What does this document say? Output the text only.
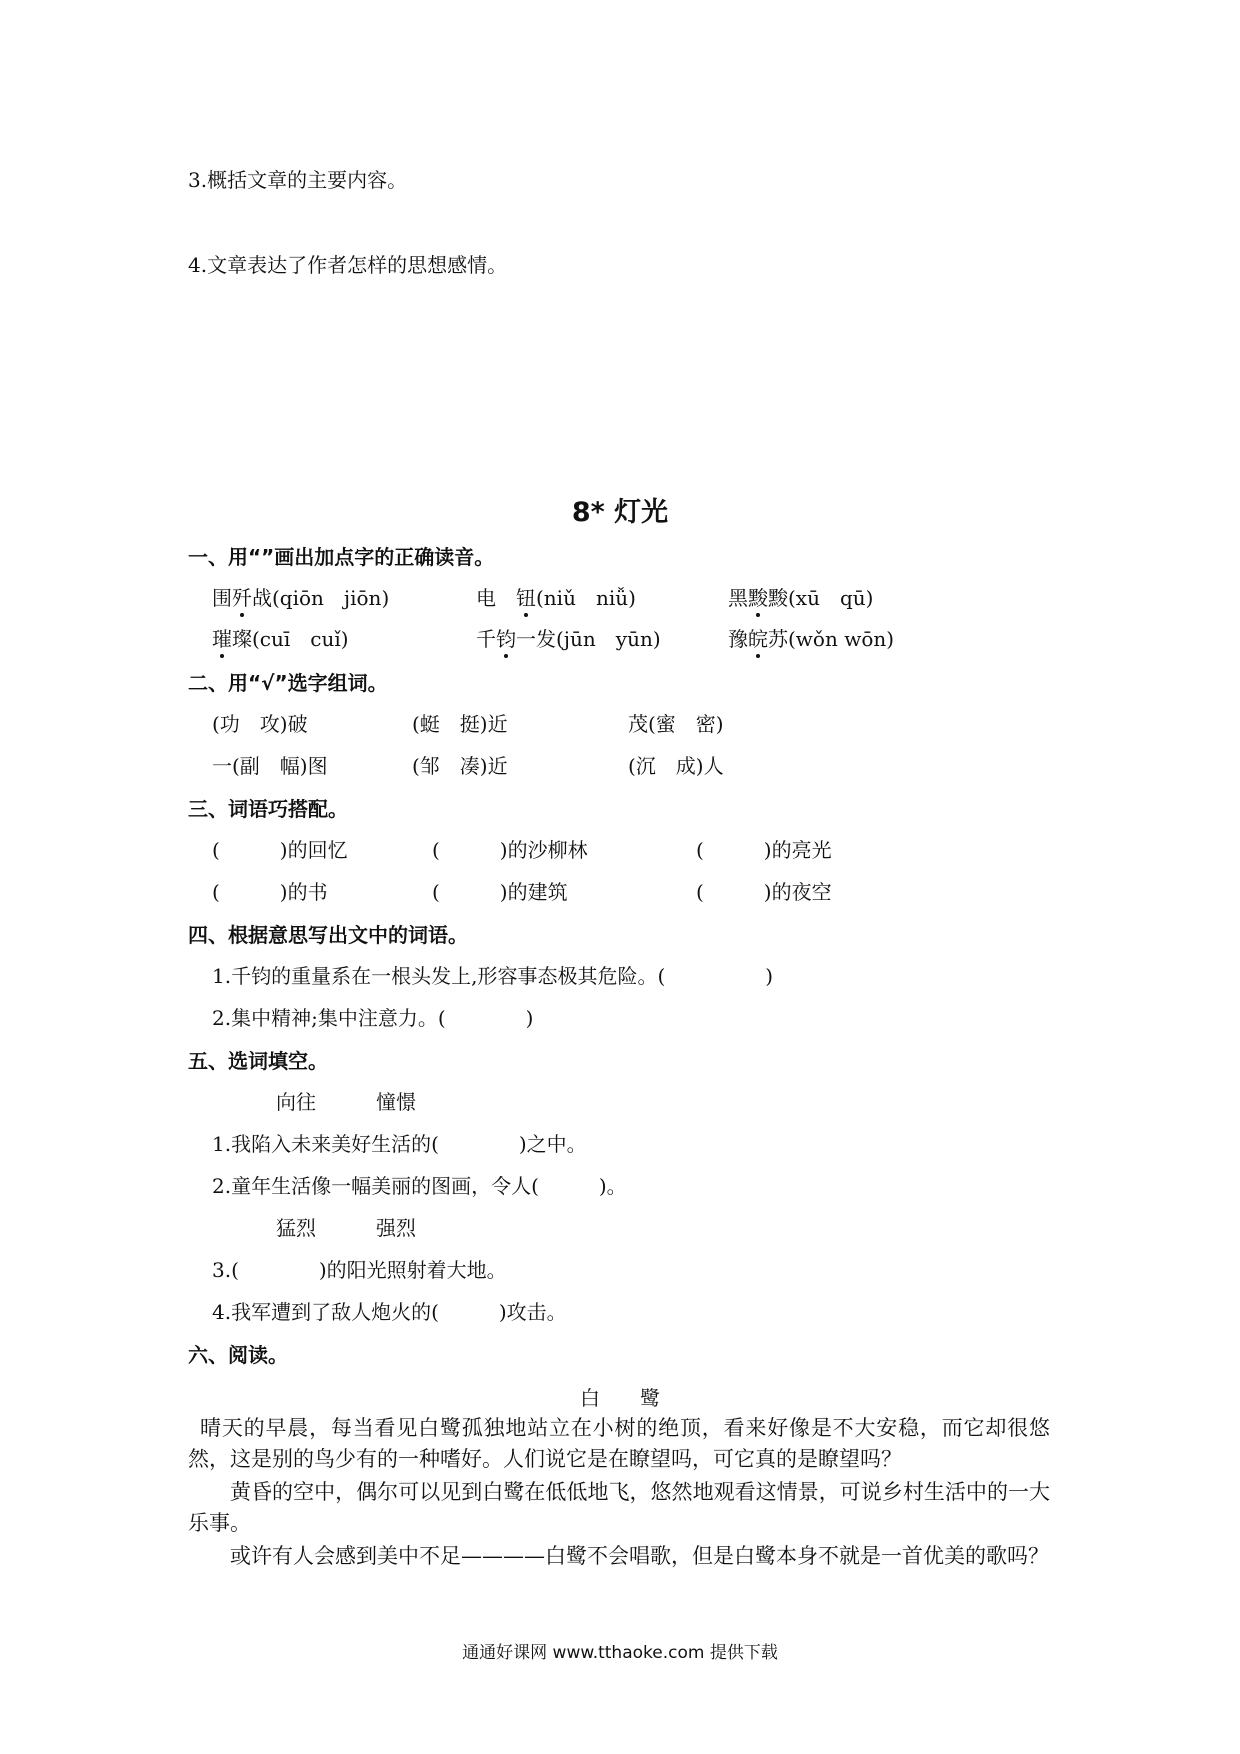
3.概括文章的主要内容。
4.文章表达了作者怎样的思想感情。
8* 灯光
一、用“”画出加点字的正确读音。
围歼战(qiōn　jiōn)	电　钮(niǔ　niǚ)	黑黢黢(xū　qū)
璀璨(cuī　cuǐ)	千钧一发(jūn　yūn)	豫皖苏(wǒn wōn)
二、用“√”选字组词。
(功　攻)破	(蜓　挺)近	茂(蜜　密)
一(副　幅)图	(邹　凑)近	(沉　成)人
三、词语巧搭配。
(　　　)的回忆	(　　　)的沙柳林	(　　　)的亮光
(　　　)的书	(　　　)的建筑	(　　　)的夜空
四、根据意思写出文中的词语。
1.千钧的重量系在一根头发上,形容事态极其危险。(　　　　　)
2.集中精神;集中注意力。(　　　　)
五、选词填空。
向往　　　憧憬
1.我陷入未来美好生活的(　　　　)之中。
2.童年生活像一幅美丽的图画，令人(　　　)。
猛烈　　　强烈
3.(　　　　)的阳光照射着大地。
4.我军遭到了敌人炮火的(　　　)攻击。
六、阅读。
白　　鹭
晴天的早晨，每当看见白鹭孤独地站立在小树的绝顶，看来好像是不大安稳，而它却很悠然，这是别的鸟少有的一种嗜好。人们说它是在瞭望吗，可它真的是瞭望吗？
黄昏的空中，偶尔可以见到白鹭在低低地飞，悠然地观看这情景，可说乡村生活中的一大乐事。
或许有人会感到美中不足————白鹭不会唱歌，但是白鹭本身不就是一首优美的歌吗？
通通好课网 www.tthaoke.com 提供下载
